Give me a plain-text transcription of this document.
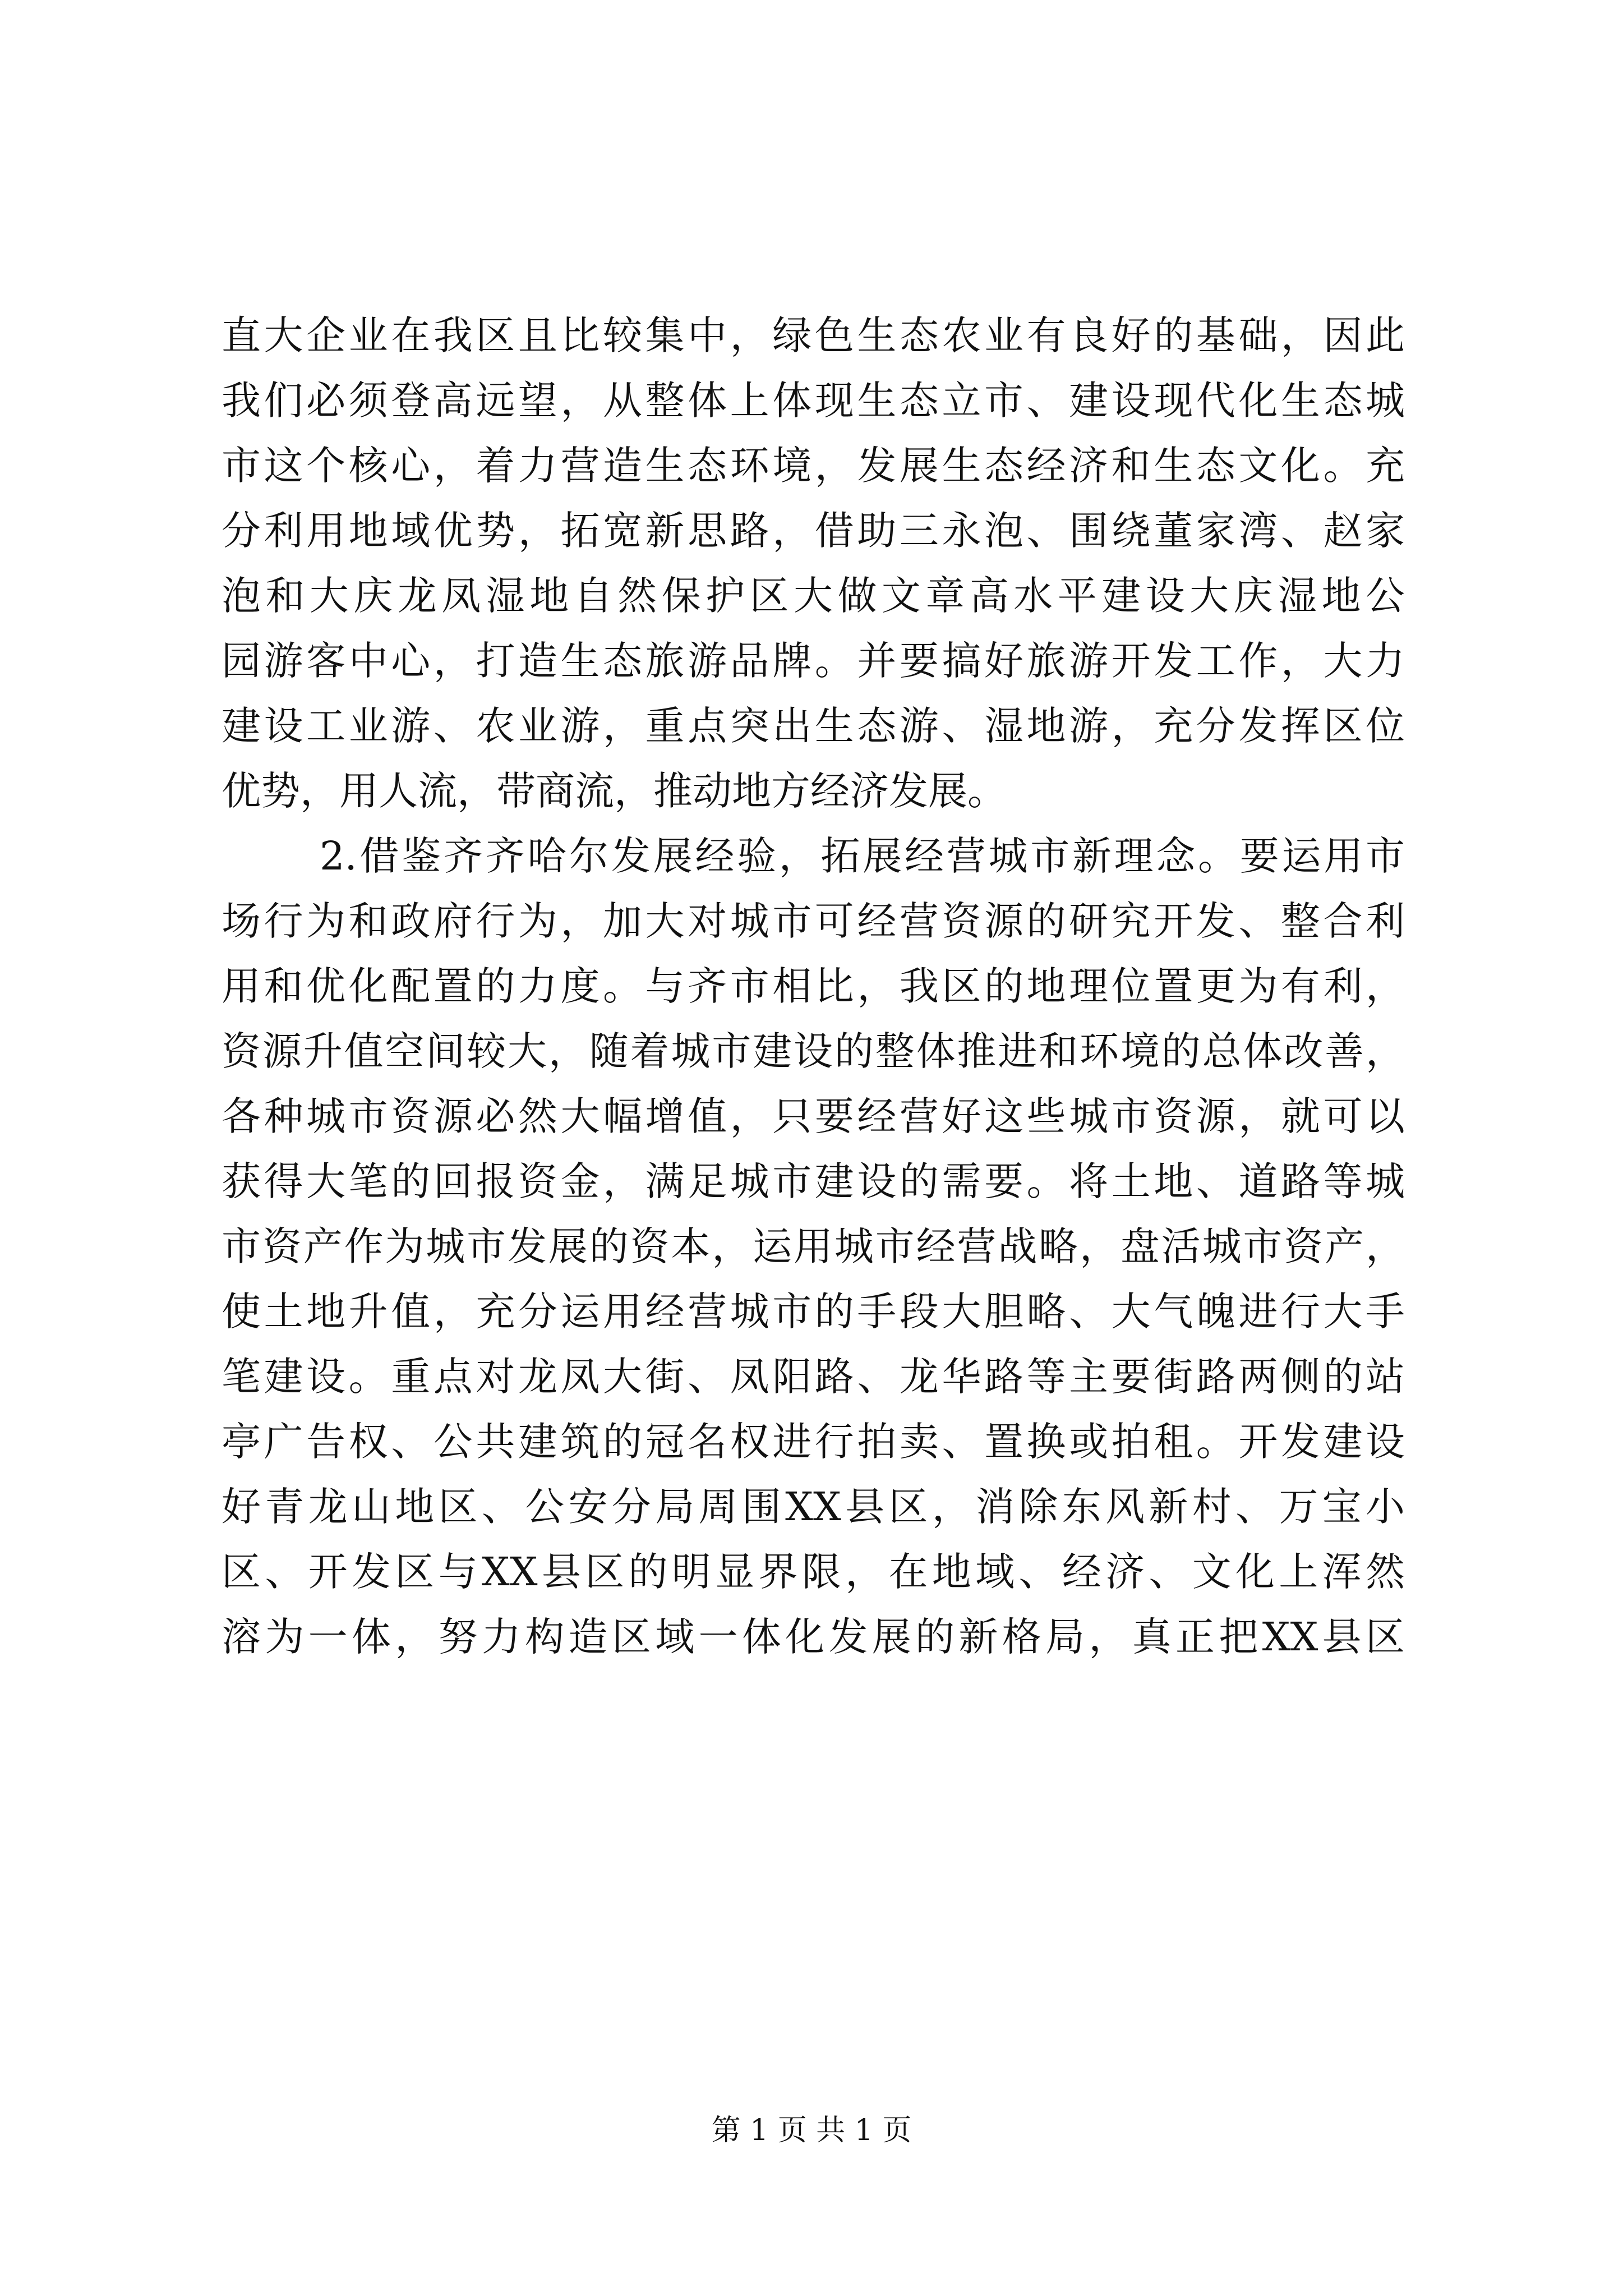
直大企业在我区且比较集中，绿色生态农业有良好的基础，因此
我们必须登高远望，从整体上体现生态立市、建设现代化生态城
市这个核心，着力营造生态环境，发展生态经济和生态文化。充
分利用地域优势，拓宽新思路，借助三永泡、围绕董家湾、赵家
泡和大庆龙凤湿地自然保护区大做文章高水平建设大庆湿地公
园游客中心，打造生态旅游品牌。并要搞好旅游开发工作，大力
建设工业游、农业游，重点突出生态游、湿地游，充分发挥区位
优势，用人流，带商流，推动地方经济发展。
2.借鉴齐齐哈尔发展经验，拓展经营城市新理念。要运用市
场行为和政府行为，加大对城市可经营资源的研究开发、整合利
用和优化配置的力度。与齐市相比，我区的地理位置更为有利，
资源升值空间较大，随着城市建设的整体推进和环境的总体改善，
各种城市资源必然大幅增值，只要经营好这些城市资源，就可以
获得大笔的回报资金，满足城市建设的需要。将土地、道路等城
市资产作为城市发展的资本，运用城市经营战略，盘活城市资产，
使土地升值，充分运用经营城市的手段大胆略、大气魄进行大手
笔建设。重点对龙凤大街、凤阳路、龙华路等主要街路两侧的站
亭广告权、公共建筑的冠名权进行拍卖、置换或拍租。开发建设
好青龙山地区、公安分局周围XX县区，消除东风新村、万宝小
区、开发区与XX县区的明显界限，在地域、经济、文化上浑然
溶为一体，努力构造区域一体化发展的新格局，真正把XX县区
第 1 页 共 1 页
